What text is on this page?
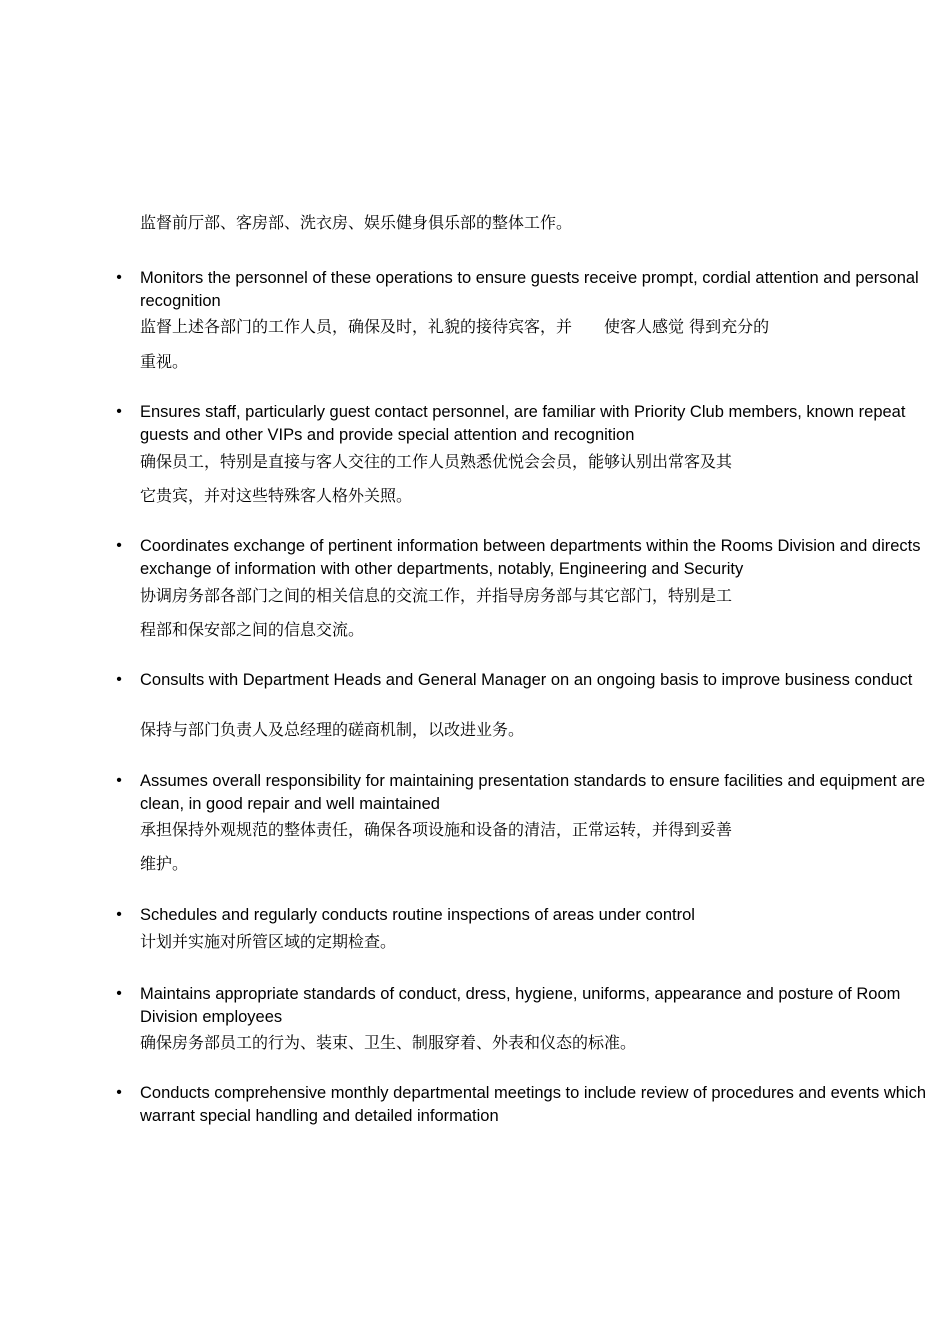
监督前厅部、客房部、洗衣房、娱乐健身俱乐部的整体工作。
• Monitors the personnel of these operations to ensure guests receive prompt, cordial attention and personal recognition
监督上述各部门的工作人员，确保及时，礼貌的接待宾客，并　　使客人感觉 得到充分的
重视。
• Ensures staff, particularly guest contact personnel, are familiar with Priority Club members, known repeat guests and other VIPs and provide special attention and recognition
确保员工，特别是直接与客人交往的工作人员熟悉优悦会会员，能够认别出常客及其
它贵宾，并对这些特殊客人格外关照。
• Coordinates exchange of pertinent information between departments within the Rooms Division and directs exchange of information with other departments, notably, Engineering and Security
协调房务部各部门之间的相关信息的交流工作，并指导房务部与其它部门，特别是工
程部和保安部之间的信息交流。
• Consults with Department Heads and General Manager on an ongoing basis to improve business conduct
保持与部门负责人及总经理的磋商机制，以改进业务。
• Assumes overall responsibility for maintaining presentation standards to ensure facilities and equipment are clean, in good repair and well maintained
承担保持外观规范的整体责任，确保各项设施和设备的清洁，正常运转，并得到妥善
维护。
• Schedules and regularly conducts routine inspections of areas under control
计划并实施对所管区域的定期检查。
• Maintains appropriate standards of conduct, dress, hygiene, uniforms, appearance and posture of Room Division employees
确保房务部员工的行为、装束、卫生、制服穿着、外表和仪态的标准。
• Conducts comprehensive monthly departmental meetings to include review of procedures and events which warrant special handling and detailed information
